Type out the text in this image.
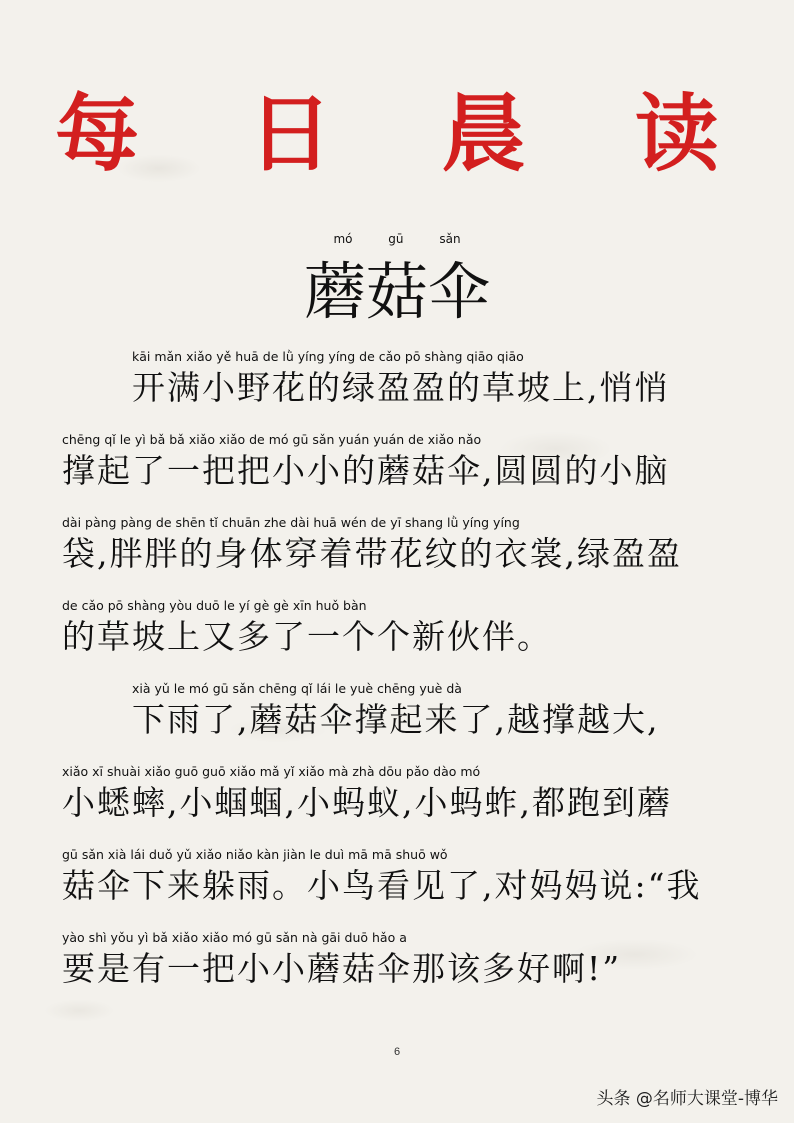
每 日 晨 读
mó gū sǎn
蘑菇伞
kāi mǎn xiǎo yě huā de lǜ yíng yíng de cǎo pō shàng qiāo qiāo
开满小野花的绿盈盈的草坡上,悄悄
chēng qǐ le yì bǎ bǎ xiǎo xiǎo de mó gū sǎn yuán yuán de xiǎo nǎo
撑起了一把把小小的蘑菇伞,圆圆的小脑
dài pàng pàng de shēn tǐ chuān zhe dài huā wén de yī shang lǜ yíng yíng
袋,胖胖的身体穿着带花纹的衣裳,绿盈盈
de cǎo pō shàng yòu duō le yí gè gè xīn huǒ bàn
的草坡上又多了一个个新伙伴。
xià yǔ le mó gū sǎn chēng qǐ lái le yuè chēng yuè dà
下雨了,蘑菇伞撑起来了,越撑越大,
xiǎo xī shuài xiǎo guō guō xiǎo mǎ yǐ xiǎo mà zhà dōu pǎo dào mó
小蟋蟀,小蝈蝈,小蚂蚁,小蚂蚱,都跑到蘑
gū sǎn xià lái duǒ yǔ xiǎo niǎo kàn jiàn le duì mā mā shuō wǒ
菇伞下来躲雨。小鸟看见了,对妈妈说:“我
yào shì yǒu yì bǎ xiǎo xiǎo mó gū sǎn nà gāi duō hǎo a
要是有一把小小蘑菇伞那该多好啊!”
6
头条 @名师大课堂-博华
